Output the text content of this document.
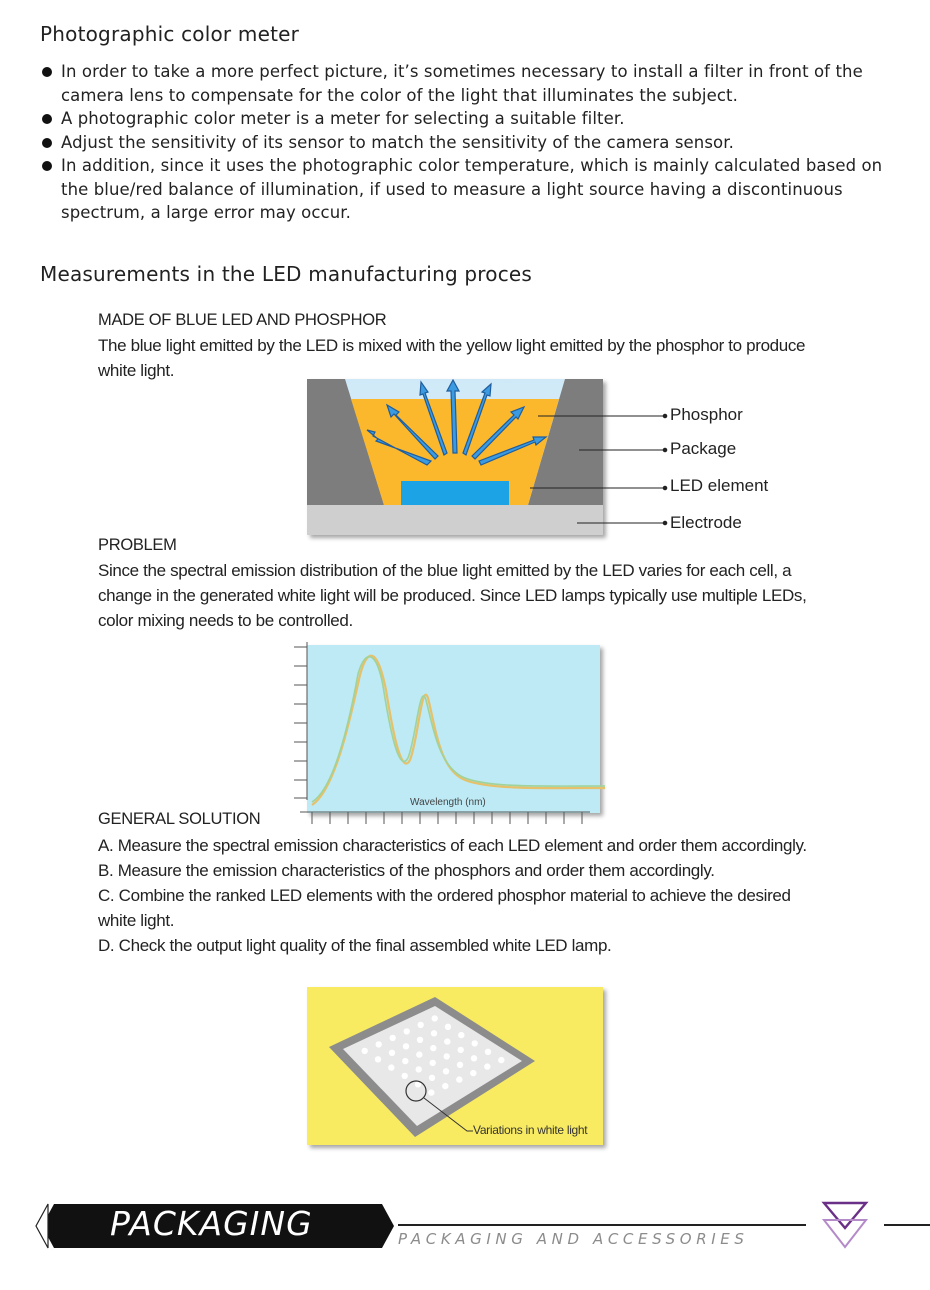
Photographic color meter
In order to take a more perfect picture, it’s sometimes necessary to install a filter in front of the camera lens to compensate for the color of the light that illuminates the subject.
A photographic color meter is a meter for selecting a suitable filter.
Adjust the sensitivity of its sensor to match the sensitivity of the camera sensor.
In addition, since it uses the photographic color temperature, which is mainly calculated based on the blue/red balance of illumination, if used to measure a light source having a discontinuous spectrum, a large error may occur.
Measurements in the LED manufacturing proces
MADE OF BLUE LED AND PHOSPHOR
The blue light emitted by the LED is mixed with the yellow light emitted by the phosphor to produce white light.
Phosphor
Package
LED element
Electrode
PROBLEM
Since the spectral emission distribution of the blue light emitted by the LED varies for each cell, a change in the generated white light will be produced. Since LED lamps typically use multiple LEDs, color mixing needs to be controlled.
Wavelength (nm)
GENERAL SOLUTION
A. Measure the spectral emission characteristics of each LED element and order them accordingly.
B. Measure the emission characteristics of the phosphors and order them accordingly.
C. Combine the ranked LED elements with the ordered phosphor material to achieve the desired white light.
D. Check the output light quality of the final assembled white LED lamp.
Variations in white light
PACKAGING	PACKAGING AND ACCESSORIES
